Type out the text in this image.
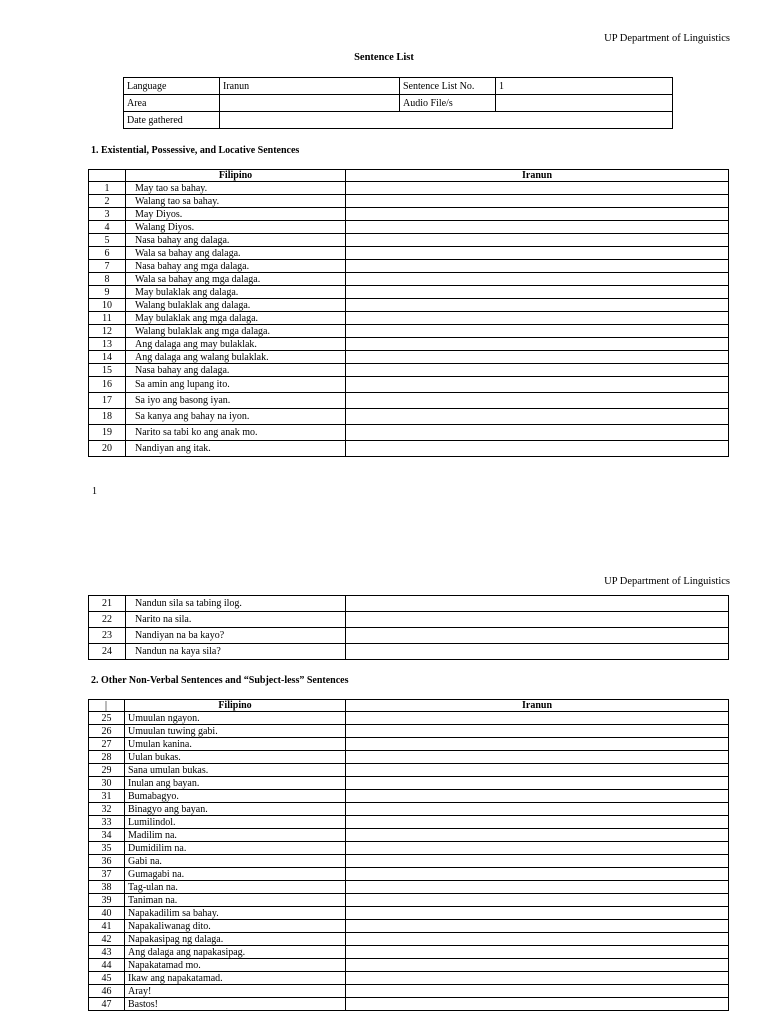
UP Department of Linguistics
Sentence List
Language	Iranun	Sentence List No.	1
Area		Audio File/s	
Date gathered			
1. Existential, Possessive, and Locative Sentences
	Filipino	Iranun
1	May tao sa bahay.	
2	Walang tao sa bahay.	
3	May Diyos.	
4	Walang Diyos.	
5	Nasa bahay ang dalaga.	
6	Wala sa bahay ang dalaga.	
7	Nasa bahay ang mga dalaga.	
8	Wala sa bahay ang mga dalaga.	
9	May bulaklak ang dalaga.	
10	Walang bulaklak ang dalaga.	
11	May bulaklak ang mga dalaga.	
12	Walang bulaklak ang mga dalaga.	
13	Ang dalaga ang may bulaklak.	
14	Ang dalaga ang walang bulaklak.	
15	Nasa bahay ang dalaga.	
16	Sa amin ang lupang ito.	
17	Sa iyo ang basong iyan.	
18	Sa kanya ang bahay na iyon.	
19	Narito sa tabi ko ang anak mo.	
20	Nandiyan ang itak.	
1
UP Department of Linguistics
21	Nandun sila sa tabing ilog.	
22	Narito na sila.	
23	Nandiyan na ba kayo?	
24	Nandun na kaya sila?	
2. Other Non-Verbal Sentences and “Subject-less” Sentences
	Filipino	Iranun
25	Umuulan ngayon.	
26	Umuulan tuwing gabi.	
27	Umulan kanina.	
28	Uulan bukas.	
29	Sana umulan bukas.	
30	Inulan ang bayan.	
31	Bumabagyo.	
32	Binagyo ang bayan.	
33	Lumilindol.	
34	Madilim na.	
35	Dumidilim na.	
36	Gabi na.	
37	Gumagabi na.	
38	Tag-ulan na.	
39	Taniman na.	
40	Napakadilim sa bahay.	
41	Napakaliwanag dito.	
42	Napakasipag ng dalaga.	
43	Ang dalaga ang napakasipag.	
44	Napakatamad mo.	
45	Ikaw ang napakatamad.	
46	Aray!	
47	Bastos!	
